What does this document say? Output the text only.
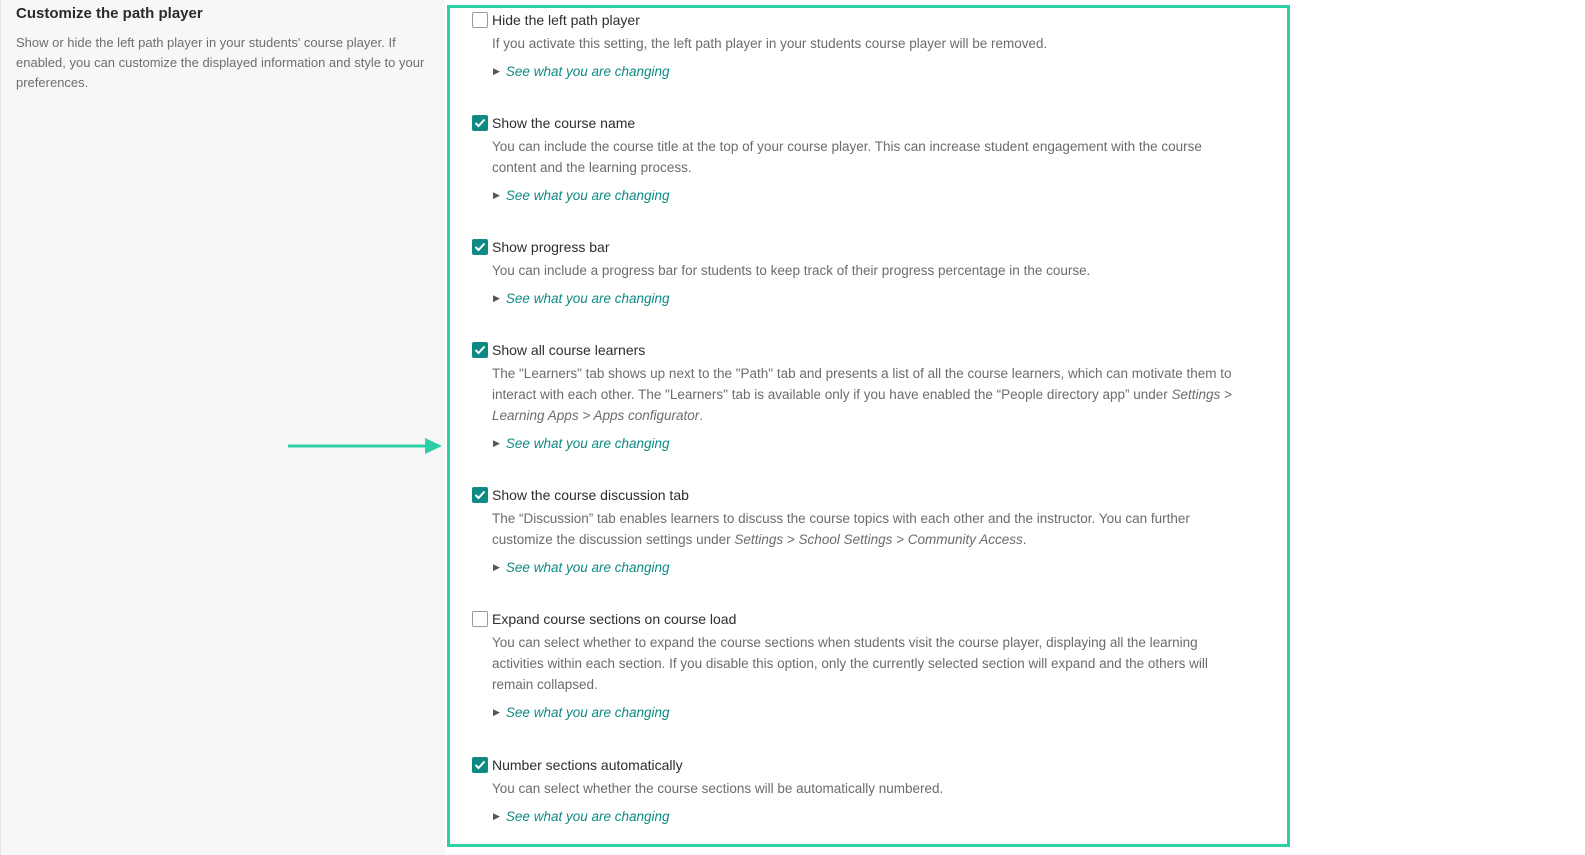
Customize the path player
Show or hide the left path player in your students' course player. If enabled, you can customize the displayed information and style to your preferences.
Hide the left path player
If you activate this setting, the left path player in your students course player will be removed.
▶ See what you are changing
Show the course name
You can include the course title at the top of your course player. This can increase student engagement with the course content and the learning process.
▶ See what you are changing
Show progress bar
You can include a progress bar for students to keep track of their progress percentage in the course.
▶ See what you are changing
Show all course learners
The "Learners" tab shows up next to the "Path" tab and presents a list of all the course learners, which can motivate them to interact with each other. The "Learners" tab is available only if you have enabled the “People directory app” under Settings > Learning Apps > Apps configurator.
▶ See what you are changing
Show the course discussion tab
The “Discussion” tab enables learners to discuss the course topics with each other and the instructor. You can further customize the discussion settings under Settings > School Settings > Community Access.
▶ See what you are changing
Expand course sections on course load
You can select whether to expand the course sections when students visit the course player, displaying all the learning activities within each section. If you disable this option, only the currently selected section will expand and the others will remain collapsed.
▶ See what you are changing
Number sections automatically
You can select whether the course sections will be automatically numbered.
▶ See what you are changing
